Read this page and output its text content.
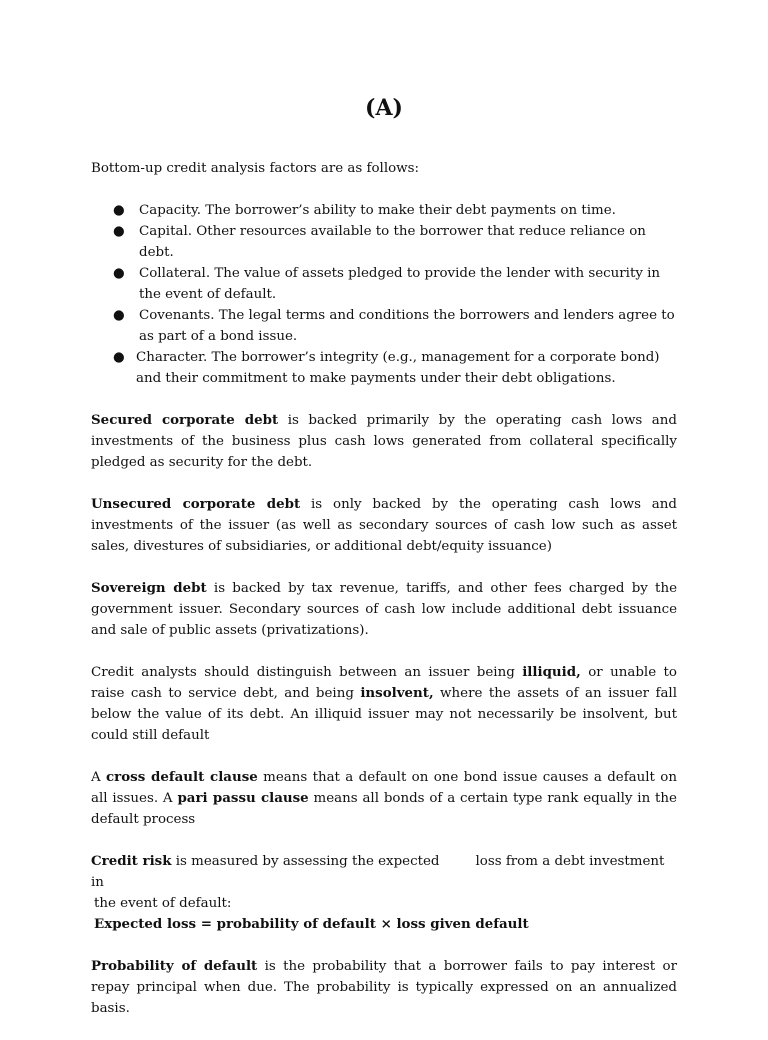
(A)

Bottom-up credit analysis factors are as follows:

● Capacity. The borrower’s ability to make their debt payments on time.
● Capital. Other resources available to the borrower that reduce reliance on debt.
● Collateral. The value of assets pledged to provide the lender with security in the event of default.
● Covenants. The legal terms and conditions the borrowers and lenders agree to as part of a bond issue.
● Character. The borrower’s integrity (e.g., management for a corporate bond) and their commitment to make payments under their debt obligations.

Secured corporate debt is backed primarily by the operating cash lows and investments of the business plus cash lows generated from collateral specifically pledged as security for the debt.

Unsecured corporate debt is only backed by the operating cash lows and investments of the issuer (as well as secondary sources of cash low such as asset sales, divestures of subsidiaries, or additional debt/equity issuance)

Sovereign debt is backed by tax revenue, tariffs, and other fees charged by the government issuer. Secondary sources of cash low include additional debt issuance and sale of public assets (privatizations).

Credit analysts should distinguish between an issuer being illiquid, or unable to raise cash to service debt, and being insolvent, where the assets of an issuer fall below the value of its debt. An illiquid issuer may not necessarily be insolvent, but could still default

A cross default clause means that a default on one bond issue causes a default on all issues. A pari passu clause means all bonds of a certain type rank equally in the default process

Credit risk is measured by assessing the expected	loss from a debt investment in

the event of default:

Expected loss = probability of default × loss given default

Probability of default is the probability that a borrower fails to pay interest or repay principal when due. The probability is typically expressed on an annualized basis.
